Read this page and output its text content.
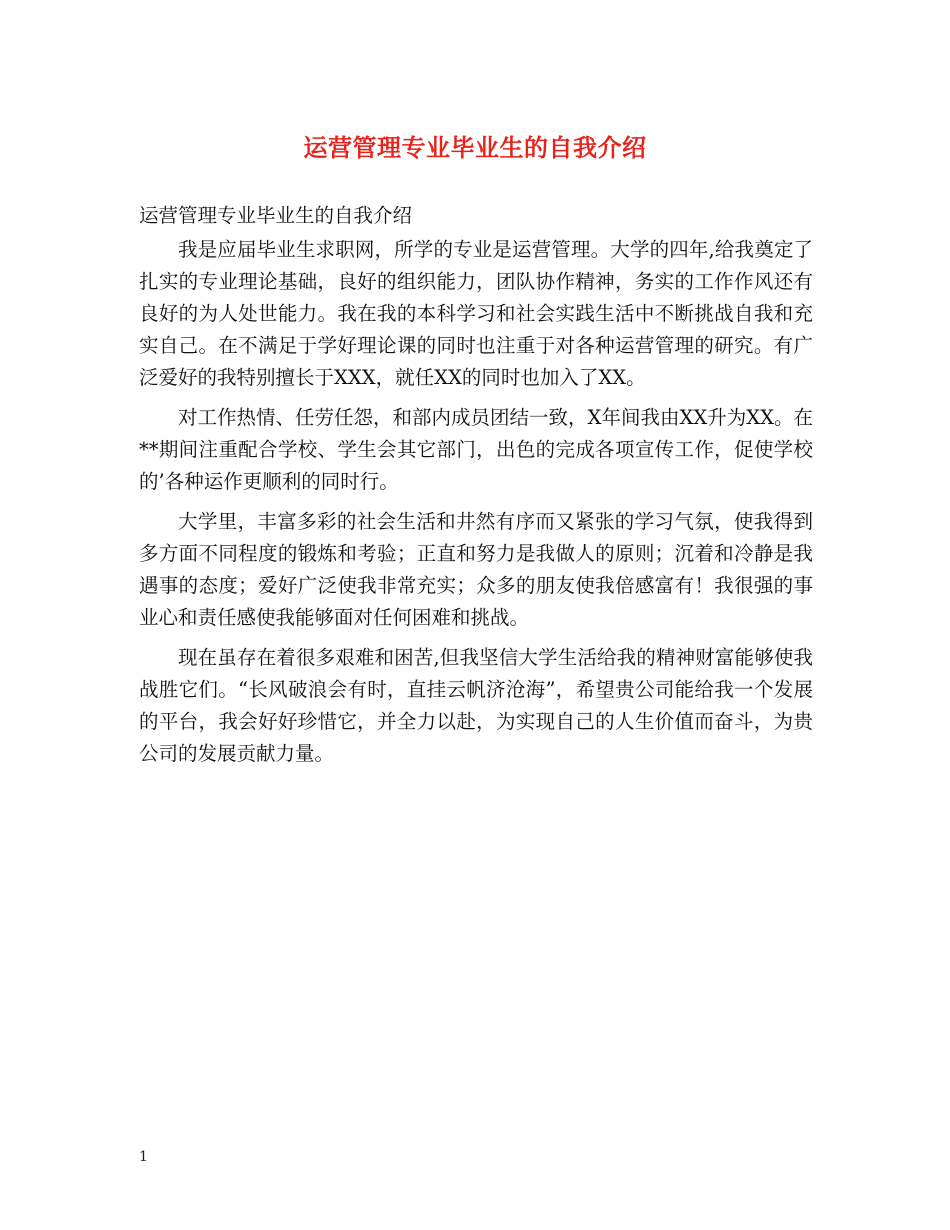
运营管理专业毕业生的自我介绍

运营管理专业毕业生的自我介绍

我是应届毕业生求职网，所学的专业是运营管理。大学的四年,给我奠定了扎实的专业理论基础，良好的组织能力，团队协作精神，务实的工作作风还有良好的为人处世能力。我在我的本科学习和社会实践生活中不断挑战自我和充实自己。在不满足于学好理论课的同时也注重于对各种运营管理的研究。有广泛爱好的我特别擅长于XXX，就任XX的同时也加入了XX。

对工作热情、任劳任怨，和部内成员团结一致，X年间我由XX升为XX。在**期间注重配合学校、学生会其它部门，出色的完成各项宣传工作，促使学校的’各种运作更顺利的同时行。

大学里，丰富多彩的社会生活和井然有序而又紧张的学习气氛，使我得到多方面不同程度的锻炼和考验；正直和努力是我做人的原则；沉着和冷静是我遇事的态度；爱好广泛使我非常充实；众多的朋友使我倍感富有！我很强的事业心和责任感使我能够面对任何困难和挑战。

现在虽存在着很多艰难和困苦,但我坚信大学生活给我的精神财富能够使我战胜它们。“长风破浪会有时，直挂云帆济沧海”，希望贵公司能给我一个发展的平台，我会好好珍惜它，并全力以赴，为实现自己的人生价值而奋斗，为贵公司的发展贡献力量。

1
